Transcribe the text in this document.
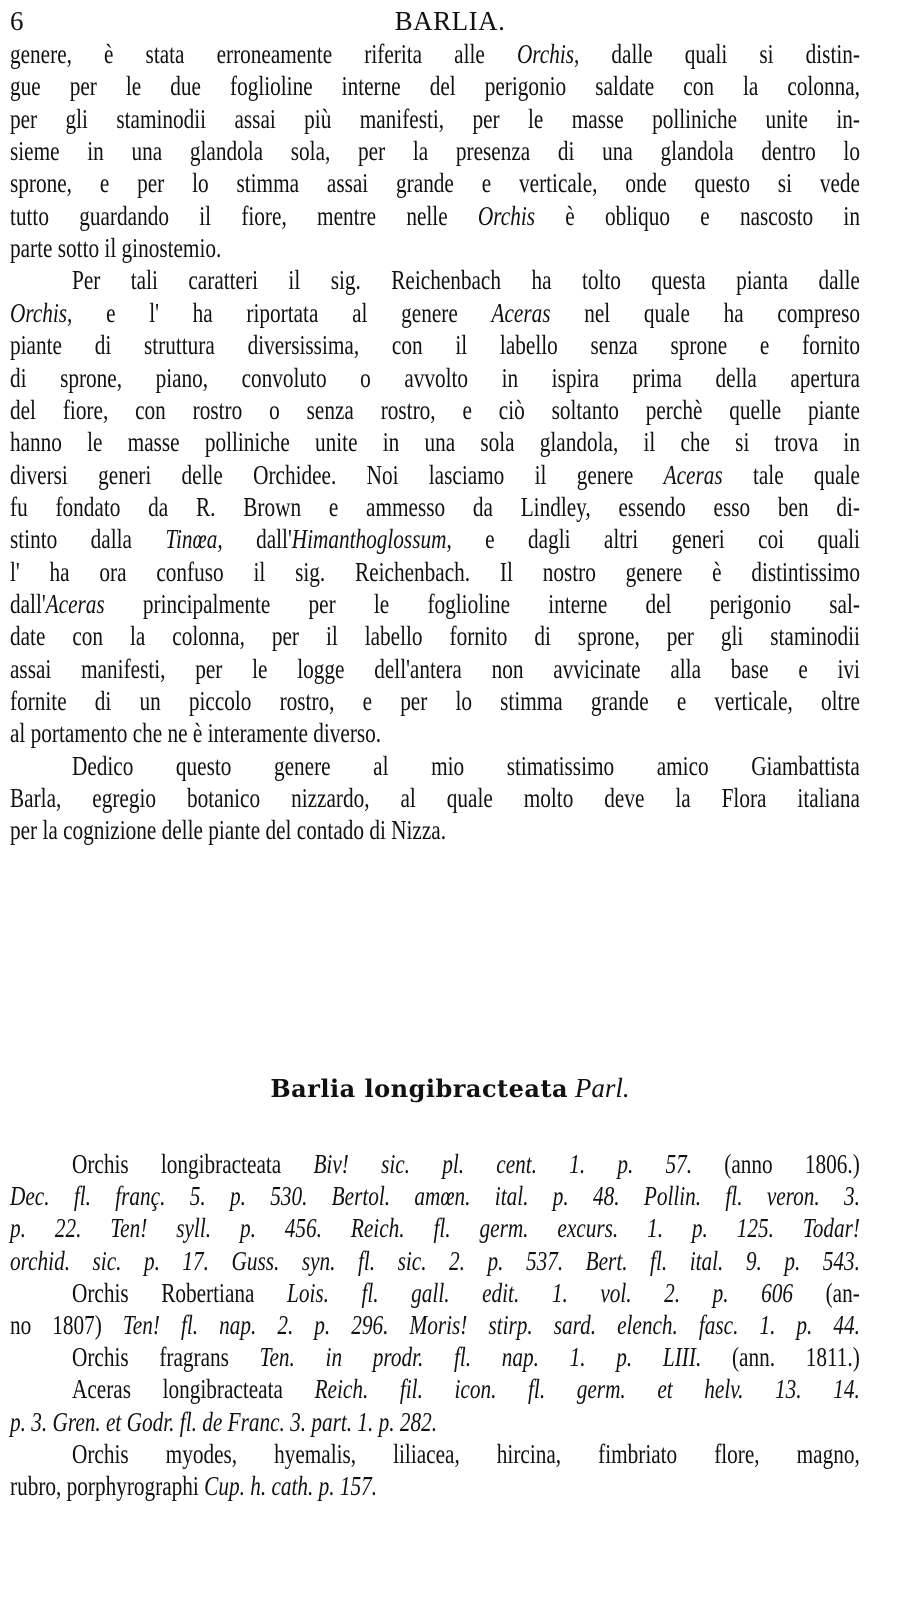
6	BARLIA.
genere, è stata erroneamente riferita alle Orchis, dalle quali si distin-
gue per le due foglioline interne del perigonio saldate con la colonna,
per gli staminodii assai più manifesti, per le masse polliniche unite in-
sieme in una glandola sola, per la presenza di una glandola dentro lo
sprone, e per lo stimma assai grande e verticale, onde questo si vede
tutto guardando il fiore, mentre nelle Orchis è obliquo e nascosto in
parte sotto il ginostemio.
Per tali caratteri il sig. Reichenbach ha tolto questa pianta dalle
Orchis, e l' ha riportata al genere Aceras nel quale ha compreso
piante di struttura diversissima, con il labello senza sprone e fornito
di sprone, piano, convoluto o avvolto in ispira prima della apertura
del fiore, con rostro o senza rostro, e ciò soltanto perchè quelle piante
hanno le masse polliniche unite in una sola glandola, il che si trova in
diversi generi delle Orchidee. Noi lasciamo il genere Aceras tale quale
fu fondato da R. Brown e ammesso da Lindley, essendo esso ben di-
stinto dalla Tinœa, dall'Himanthoglossum, e dagli altri generi coi quali
l' ha ora confuso il sig. Reichenbach. Il nostro genere è distintissimo
dall'Aceras principalmente per le foglioline interne del perigonio sal-
date con la colonna, per il labello fornito di sprone, per gli staminodii
assai manifesti, per le logge dell'antera non avvicinate alla base e ivi
fornite di un piccolo rostro, e per lo stimma grande e verticale, oltre
al portamento che ne è interamente diverso.
Dedico questo genere al mio stimatissimo amico Giambattista
Barla, egregio botanico nizzardo, al quale molto deve la Flora italiana
per la cognizione delle piante del contado di Nizza.
Barlia longibracteata Parl.
Orchis longibracteata Biv! sic. pl. cent. 1. p. 57. (anno 1806.)
Dec. fl. franç. 5. p. 530. Bertol. amœn. ital. p. 48. Pollin. fl. veron. 3.
p. 22. Ten! syll. p. 456. Reich. fl. germ. excurs. 1. p. 125. Todar!
orchid. sic. p. 17. Guss. syn. fl. sic. 2. p. 537. Bert. fl. ital. 9. p. 543.
Orchis Robertiana Lois. fl. gall. edit. 1. vol. 2. p. 606 (an-
no 1807) Ten! fl. nap. 2. p. 296. Moris! stirp. sard. elench. fasc. 1. p. 44.
Orchis fragrans Ten. in prodr. fl. nap. 1. p. LIII. (ann. 1811.)
Aceras longibracteata Reich. fil. icon. fl. germ. et helv. 13. 14.
p. 3. Gren. et Godr. fl. de Franc. 3. part. 1. p. 282.
Orchis myodes, hyemalis, liliacea, hircina, fimbriato flore, magno,
rubro, porphyrographi Cup. h. cath. p. 157.
